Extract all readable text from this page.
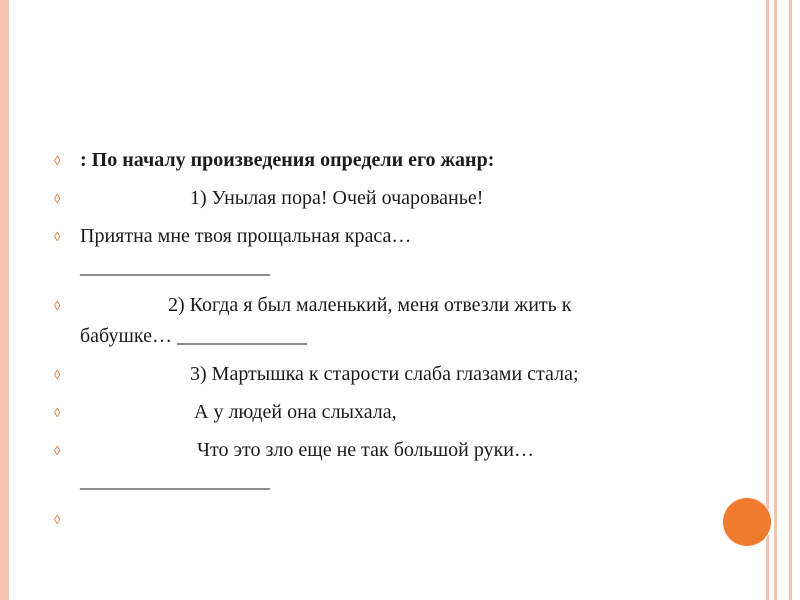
◊ : По началу произведения определи его жанр:

◊	1) Унылая пора! Очей очарованье!

◊ Приятна мне твоя прощальная краса…
___________________

◊	2) Когда я был маленький, меня отвезли жить к
бабушке… _____________

◊	3) Мартышка к старости слаба глазами стала;

◊	А у людей она слыхала,

◊	Что это зло еще не так большой руки…
___________________

◊
